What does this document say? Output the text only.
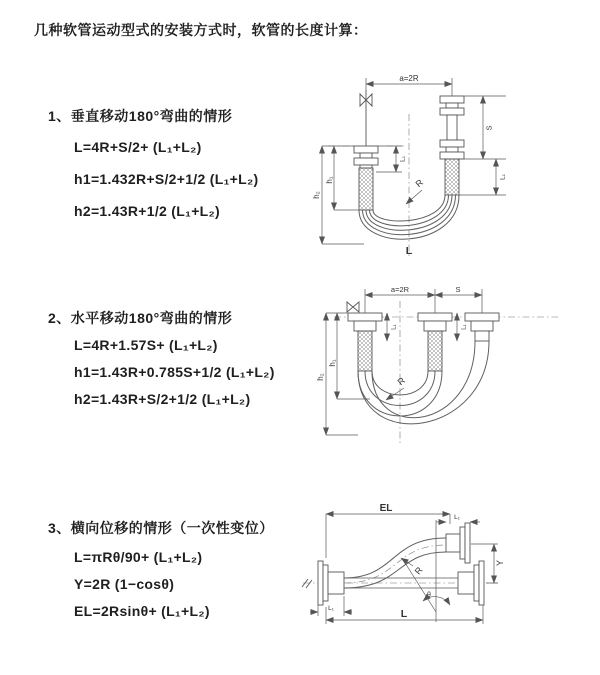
几种软管运动型式的安装方式时，软管的长度计算：
1、垂直移动180°弯曲的情形
L=4R+S/2+ (L₁+L₂)
h1=1.432R+S/2+1/2 (L₁+L₂)
h2=1.43R+1/2 (L₁+L₂)
2、水平移动180°弯曲的情形
L=4R+1.57S+ (L₁+L₂)
h1=1.43R+0.785S+1/2 (L₁+L₂)
h2=1.43R+S/2+1/2 (L₁+L₂)
3、横向位移的情形（一次性变位）
L=πRθ/90+ (L₁+L₂)
Y=2R (1−cosθ)
EL=2Rsinθ+ (L₁+L₂)
a=2R
h₂
h₁
L₁
S
L₁
R
L
a=2R	S
h₂
h₁
L₁	L₁
R
EL
L₁
Y
R
θ
L
L₁
